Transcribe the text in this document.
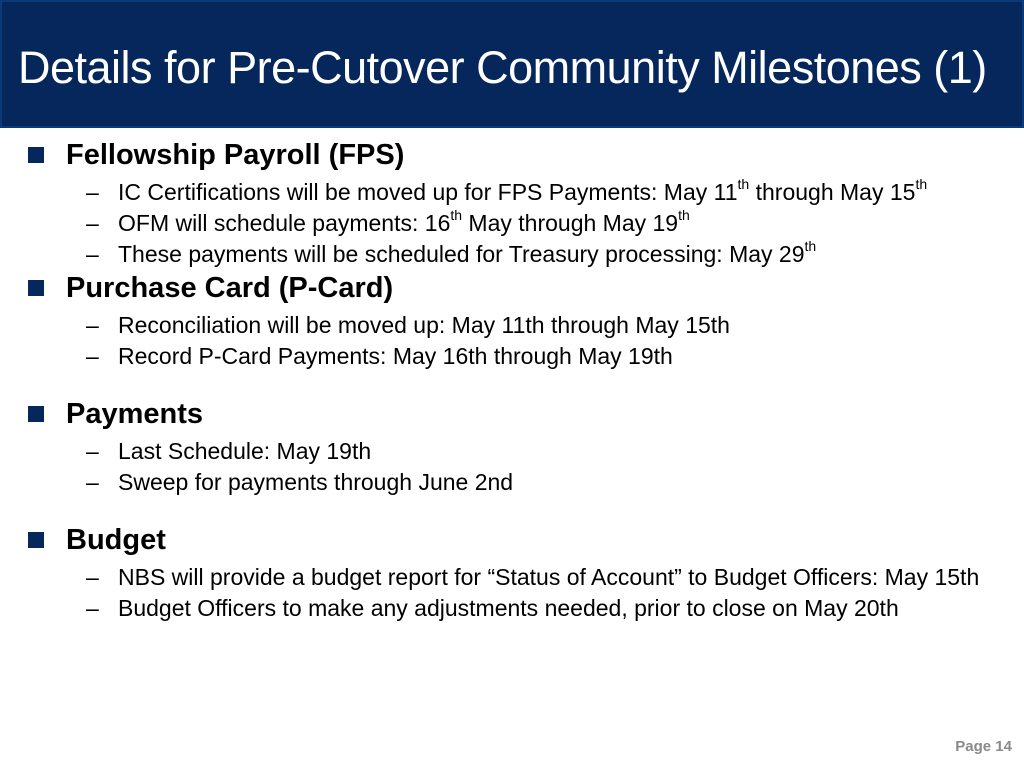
Details for Pre-Cutover Community Milestones (1)
Fellowship Payroll (FPS)
– IC Certifications will be moved up for FPS Payments: May 11th through May 15th
– OFM will schedule payments: 16th May through May 19th
– These payments will be scheduled for Treasury processing: May 29th
Purchase Card (P-Card)
– Reconciliation will be moved up: May 11th through May 15th
– Record P-Card Payments: May 16th through May 19th
Payments
– Last Schedule: May 19th
– Sweep for payments through June 2nd
Budget
– NBS will provide a budget report for “Status of Account” to Budget Officers: May 15th
– Budget Officers to make any adjustments needed, prior to close on May 20th
Page 14
